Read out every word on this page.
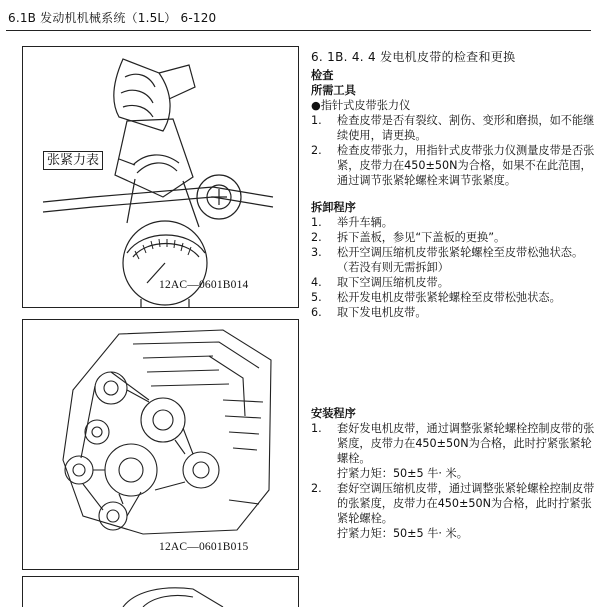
6.1B 发动机机械系统（1.5L） 6-120
张紧力表
12AC—0601B014
12AC—0601B015
6. 1B. 4. 4 发电机皮带的检查和更换

检查

所需工具

●指针式皮带张力仪

1. 检查皮带是否有裂纹、割伤、变形和磨损，如不能继续使用，请更换。
2. 检查皮带张力，用指针式皮带张力仪测量皮带是否张紧，皮带力在450±50N为合格，如果不在此范围，通过调节张紧轮螺栓来调节张紧度。

拆卸程序

1. 举升车辆。
2. 拆下盖板，参见“下盖板的更换”。
3. 松开空调压缩机皮带张紧轮螺栓至皮带松弛状态。（若没有则无需拆卸）
4. 取下空调压缩机皮带。
5. 松开发电机皮带张紧轮螺栓至皮带松弛状态。
6. 取下发电机皮带。

安装程序

1. 套好发电机皮带，通过调整张紧轮螺栓控制皮带的张紧度，皮带力在450±50N为合格，此时拧紧张紧轮螺栓。
拧紧力矩：50±5 牛· 米。
2. 套好空调压缩机皮带，通过调整张紧轮螺栓控制皮带的张紧度，皮带力在450±50N为合格，此时拧紧张紧轮螺栓。
拧紧力矩：50±5 牛· 米。
